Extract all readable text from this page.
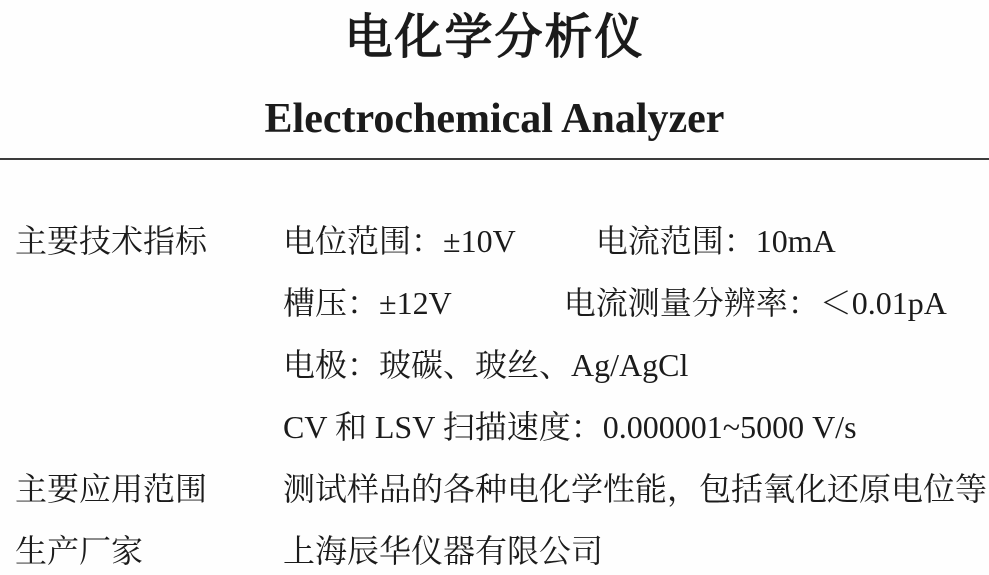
电化学分析仪
Electrochemical Analyzer
主要技术指标	电位范围：±10V	电流范围：10mA
槽压：±12V	电流测量分辨率：＜0.01pA
电极：玻碳、玻丝、Ag/AgCl
CV 和 LSV 扫描速度：0.000001~5000 V/s
主要应用范围	测试样品的各种电化学性能，包括氧化还原电位等
生产厂家	上海辰华仪器有限公司
